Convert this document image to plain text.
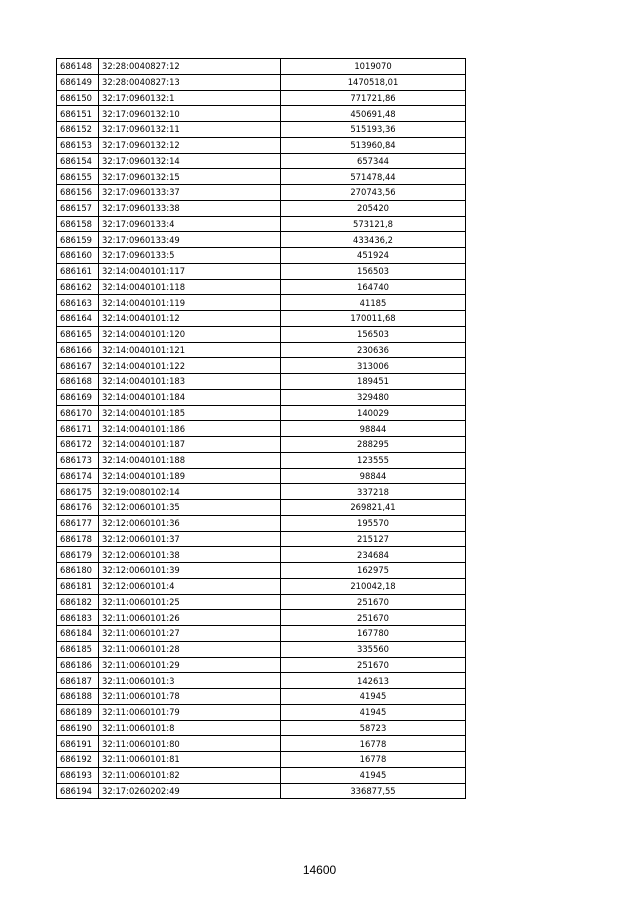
686148	32:28:0040827:12	1019070
686149	32:28:0040827:13	1470518,01
686150	32:17:0960132:1	771721,86
686151	32:17:0960132:10	450691,48
686152	32:17:0960132:11	515193,36
686153	32:17:0960132:12	513960,84
686154	32:17:0960132:14	657344
686155	32:17:0960132:15	571478,44
686156	32:17:0960133:37	270743,56
686157	32:17:0960133:38	205420
686158	32:17:0960133:4	573121,8
686159	32:17:0960133:49	433436,2
686160	32:17:0960133:5	451924
686161	32:14:0040101:117	156503
686162	32:14:0040101:118	164740
686163	32:14:0040101:119	41185
686164	32:14:0040101:12	170011,68
686165	32:14:0040101:120	156503
686166	32:14:0040101:121	230636
686167	32:14:0040101:122	313006
686168	32:14:0040101:183	189451
686169	32:14:0040101:184	329480
686170	32:14:0040101:185	140029
686171	32:14:0040101:186	98844
686172	32:14:0040101:187	288295
686173	32:14:0040101:188	123555
686174	32:14:0040101:189	98844
686175	32:19:0080102:14	337218
686176	32:12:0060101:35	269821,41
686177	32:12:0060101:36	195570
686178	32:12:0060101:37	215127
686179	32:12:0060101:38	234684
686180	32:12:0060101:39	162975
686181	32:12:0060101:4	210042,18
686182	32:11:0060101:25	251670
686183	32:11:0060101:26	251670
686184	32:11:0060101:27	167780
686185	32:11:0060101:28	335560
686186	32:11:0060101:29	251670
686187	32:11:0060101:3	142613
686188	32:11:0060101:78	41945
686189	32:11:0060101:79	41945
686190	32:11:0060101:8	58723
686191	32:11:0060101:80	16778
686192	32:11:0060101:81	16778
686193	32:11:0060101:82	41945
686194	32:17:0260202:49	336877,55
14600
